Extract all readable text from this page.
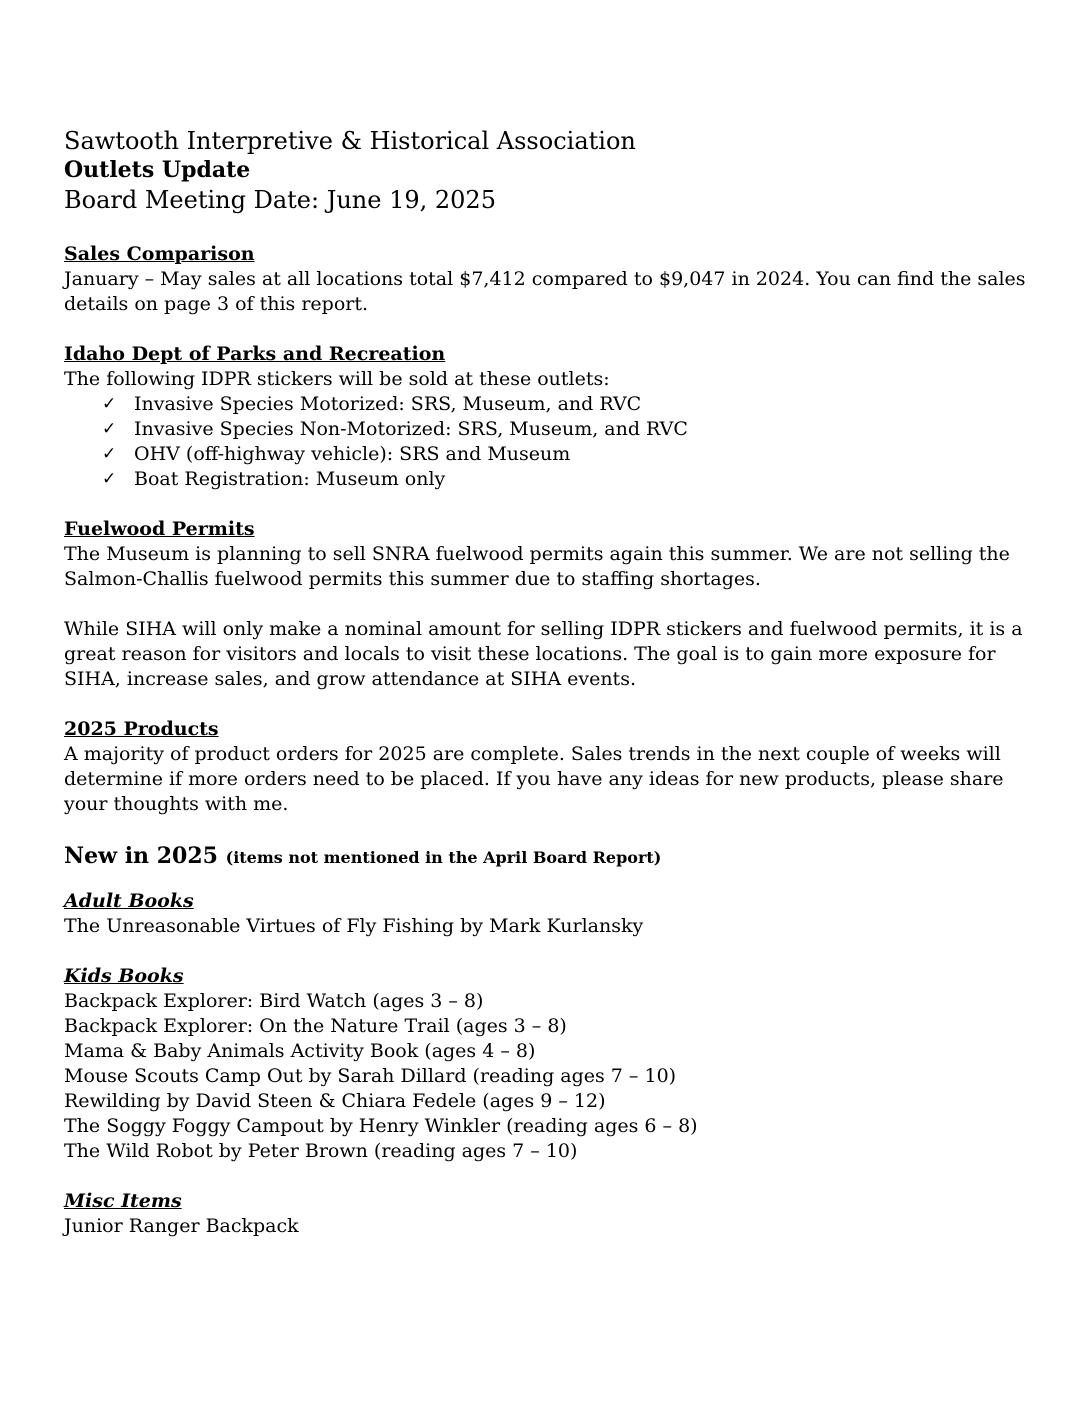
Sawtooth Interpretive & Historical Association
Outlets Update
Board Meeting Date: June 19, 2025
Sales Comparison

January – May sales at all locations total $7,412 compared to $9,047 in 2024. You can find the sales details on page 3 of this report.

Idaho Dept of Parks and Recreation

The following IDPR stickers will be sold at these outlets:

✓ Invasive Species Motorized: SRS, Museum, and RVC
✓ Invasive Species Non-Motorized: SRS, Museum, and RVC
✓ OHV (off-highway vehicle): SRS and Museum
✓ Boat Registration: Museum only
Fuelwood Permits

The Museum is planning to sell SNRA fuelwood permits again this summer. We are not selling the Salmon-Challis fuelwood permits this summer due to staffing shortages.

While SIHA will only make a nominal amount for selling IDPR stickers and fuelwood permits, it is a great reason for visitors and locals to visit these locations. The goal is to gain more exposure for SIHA, increase sales, and grow attendance at SIHA events.

2025 Products

A majority of product orders for 2025 are complete. Sales trends in the next couple of weeks will determine if more orders need to be placed. If you have any ideas for new products, please share your thoughts with me.

New in 2025 (items not mentioned in the April Board Report)
Adult Books
The Unreasonable Virtues of Fly Fishing by Mark Kurlansky
Kids Books
Backpack Explorer: Bird Watch (ages 3 – 8)
Backpack Explorer: On the Nature Trail (ages 3 – 8)
Mama & Baby Animals Activity Book (ages 4 – 8)
Mouse Scouts Camp Out by Sarah Dillard (reading ages 7 – 10)
Rewilding by David Steen & Chiara Fedele (ages 9 – 12)
The Soggy Foggy Campout by Henry Winkler (reading ages 6 – 8)
The Wild Robot by Peter Brown (reading ages 7 – 10)
Misc Items
Junior Ranger Backpack
